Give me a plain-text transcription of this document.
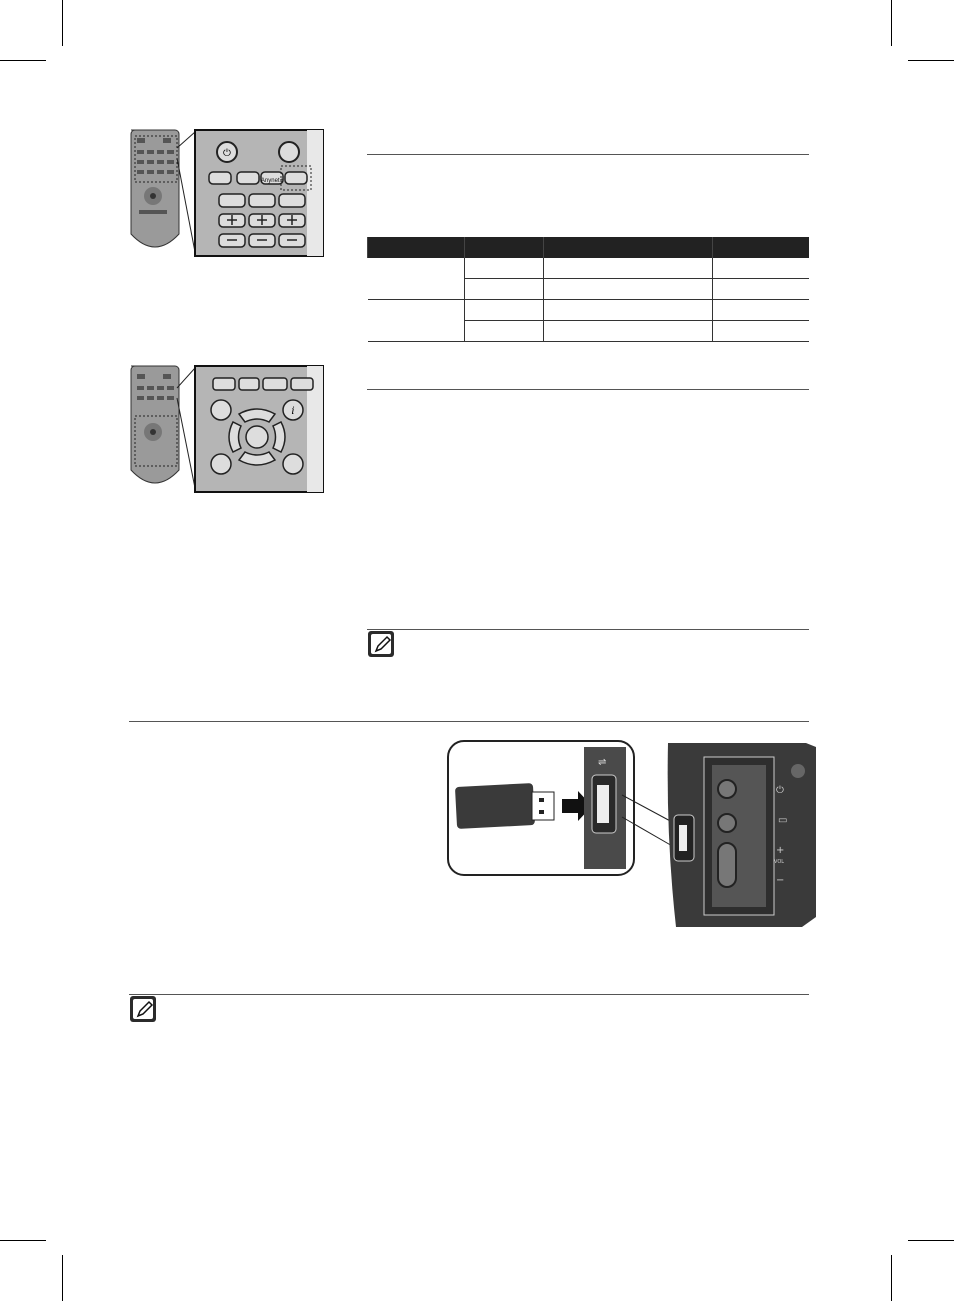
⏻
Anynet+

i
⇌
⏻
▭
+
VOL
−
